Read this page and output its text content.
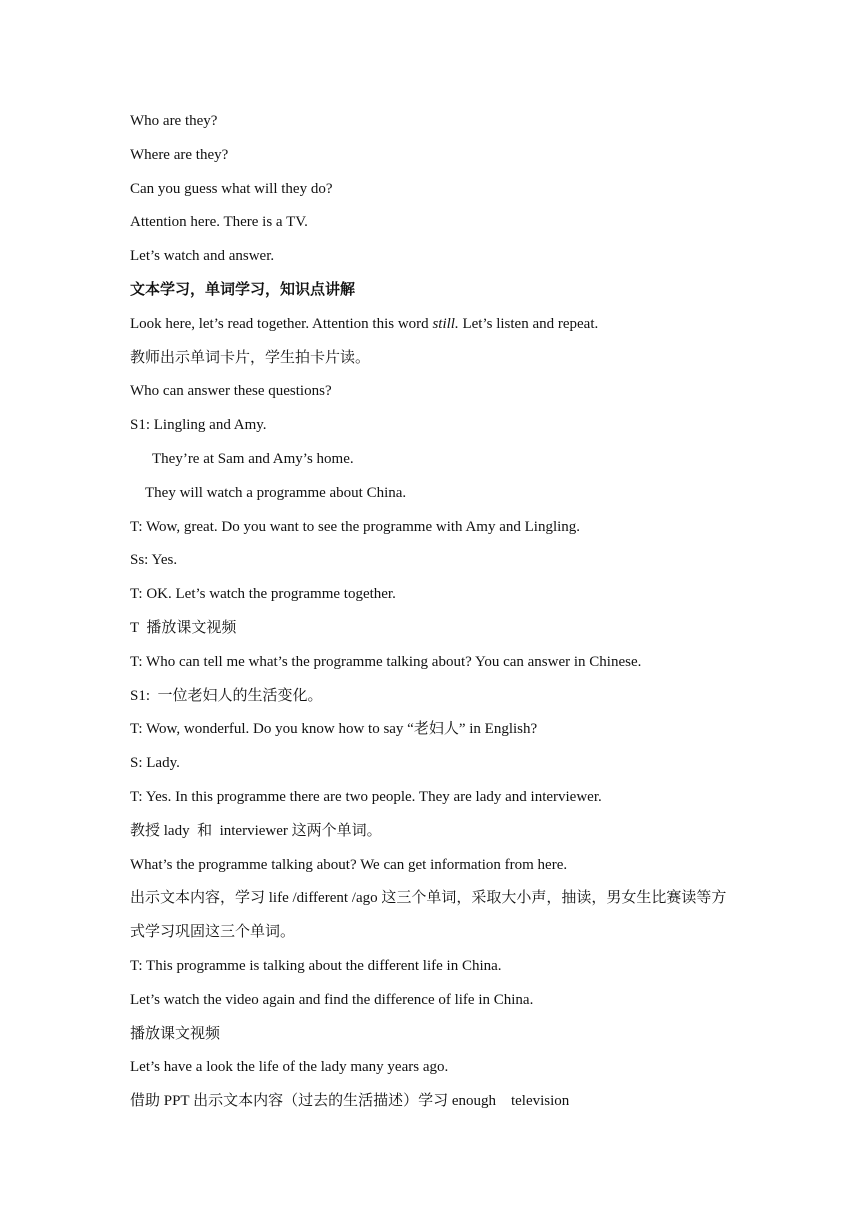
Who are they?
Where are they?
Can you guess what will they do?
Attention here. There is a TV.
Let’s watch and answer.
文本学习，单词学习，知识点讲解
Look here, let’s read together. Attention this word still. Let’s listen and repeat.
教师出示单词卡片，学生拍卡片读。
Who can answer these questions?
S1: Lingling and Amy.
They’re at Sam and Amy’s home.
They will watch a programme about China.
T: Wow, great. Do you want to see the programme with Amy and Lingling.
Ss: Yes.
T: OK. Let’s watch the programme together.
T  播放课文视频
T: Who can tell me what’s the programme talking about? You can answer in Chinese.
S1:  一位老妇人的生活变化。
T: Wow, wonderful. Do you know how to say “老妇人” in English?
S: Lady.
T: Yes. In this programme there are two people. They are lady and interviewer.
教授 lady  和  interviewer 这两个单词。
What’s the programme talking about? We can get information from here.
出示文本内容，学习 life /different /ago 这三个单词，采取大小声，抽读，男女生比赛读等方
式学习巩固这三个单词。
T: This programme is talking about the different life in China.
Let’s watch the video again and find the difference of life in China.
播放课文视频
Let’s have a look the life of the lady many years ago.
借助 PPT 出示文本内容（过去的生活描述）学习 enough    television
